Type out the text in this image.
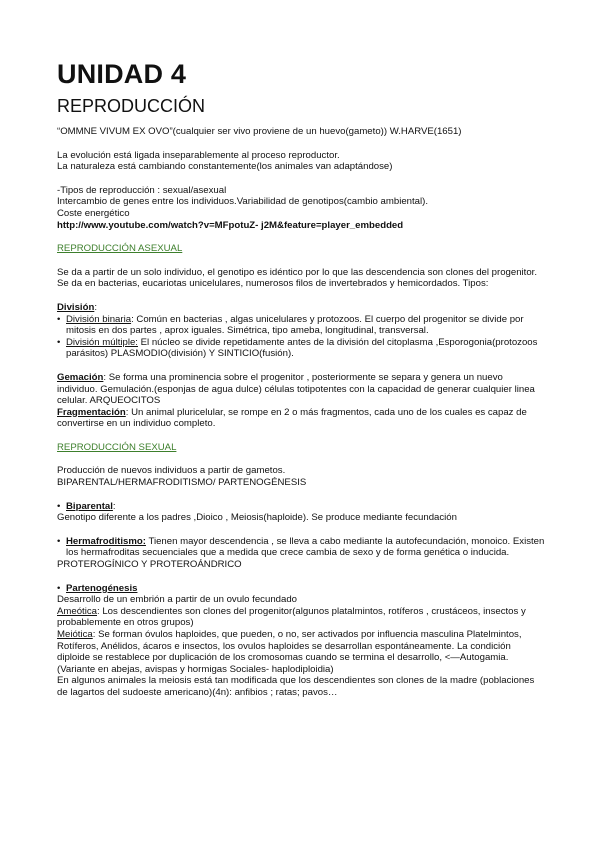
UNIDAD 4
REPRODUCCIÓN

“OMMNE VIVUM EX OVO”(cualquier ser vivo proviene de un huevo(gameto)) W.HARVE(1651)

La evolución está ligada inseparablemente al proceso reproductor.

La naturaleza está cambiando constantemente(los animales van adaptándose)

-Tipos de reproducción : sexual/asexual

Intercambio de genes entre los individuos.Variabilidad de genotipos(cambio ambiental).

Coste energético

http://www.youtube.com/watch?v=MFpotuZ- j2M&feature=player_embedded

REPRODUCCIÓN ASEXUAL

Se da a partir de un solo individuo, el genotipo es idéntico por lo que las descendencia son clones del progenitor. Se da en bacterias, eucariotas unicelulares, numerosos filos de invertebrados y hemicordados. Tipos:

División:

• División binaria: Común en bacterias , algas unicelulares y protozoos. El cuerpo del progenitor se divide por mitosis en dos partes , aprox iguales. Simétrica, tipo ameba, longitudinal, transversal.
• División múltiple: El núcleo se divide repetidamente antes de la división del citoplasma ,Esporogonia(protozoos parásitos) PLASMODIO(división) Y SINTICIO(fusión).

Gemación: Se forma una prominencia sobre el progenitor , posteriormente se separa y genera un nuevo individuo. Gemulación.(esponjas de agua dulce) células totipotentes con la capacidad de generar cualquier linea celular. ARQUEOCITOS

Fragmentación: Un animal pluricelular, se rompe en 2 o más fragmentos, cada uno de los cuales es capaz de convertirse en un individuo completo.

REPRODUCCIÓN SEXUAL

Producción de nuevos individuos a partir de gametos.

BIPARENTAL/HERMAFRODITISMO/ PARTENOGÉNESIS

• Biparental:

Genotipo diferente a los padres ,Dioico , Meiosis(haploide). Se produce mediante fecundación

• Hermafroditismo: Tienen mayor descendencia , se lleva a cabo mediante la autofecundación, monoico. Existen los hermafroditas secuenciales que a medida que crece cambia de sexo y de forma genética o inducida.

PROTEROGÍNICO Y PROTEROÁNDRICO

• Partenogénesis

Desarrollo de un embrión a partir de un ovulo fecundado

Ameótica: Los descendientes son clones del progenitor(algunos platalmintos, rotíferos , crustáceos, insectos y probablemente en otros grupos)

Meiótica: Se forman óvulos haploides, que pueden, o no, ser activados por influencia masculina Platelmintos, Rotíferos, Anélidos, ácaros e insectos, los ovulos haploides se desarrollan espontáneamente. La condición diploide se restablece por duplicación de los cromosomas cuando se termina el desarrollo, <—Autogamia.(Variante en abejas, avispas y hormigas Sociales- haplodiploidia)

En algunos animales la meiosis está tan modificada que los descendientes son clones de la madre (poblaciones de lagartos del sudoeste americano)(4n): anfibios ; ratas; pavos…
